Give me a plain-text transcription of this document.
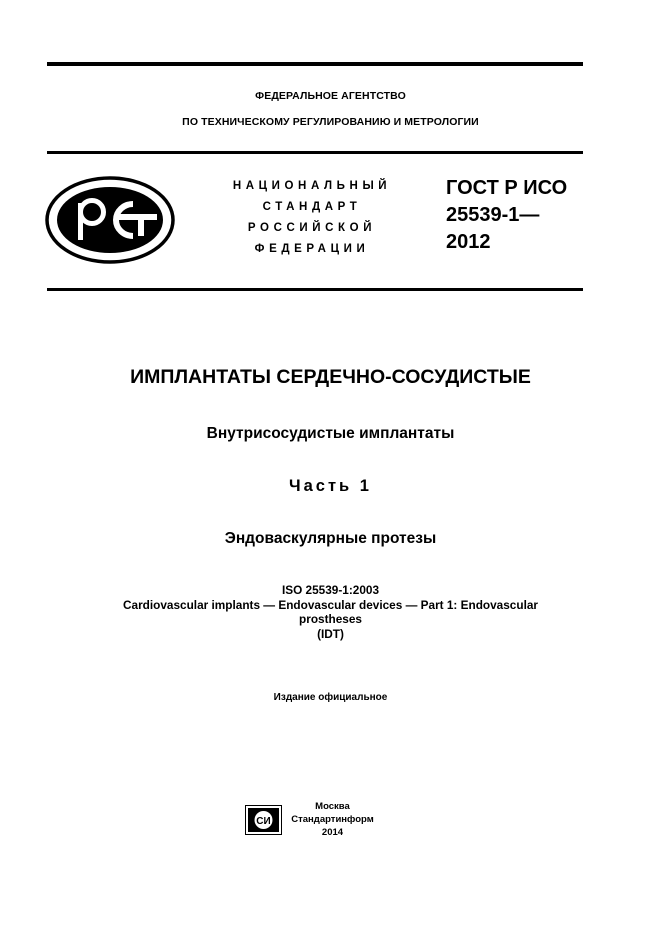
ФЕДЕРАЛЬНОЕ АГЕНТСТВО
ПО ТЕХНИЧЕСКОМУ РЕГУЛИРОВАНИЮ И МЕТРОЛОГИИ
НАЦИОНАЛЬНЫЙ
СТАНДАРТ
РОССИЙСКОЙ
ФЕДЕРАЦИИ
ГОСТ Р ИСО
25539-1—
2012
ИМПЛАНТАТЫ СЕРДЕЧНО-СОСУДИСТЫЕ
Внутрисосудистые имплантаты
Часть 1
Эндоваскулярные протезы
ISO 25539-1:2003
Cardiovascular implants — Endovascular devices — Part 1: Endovascular
prostheses
(IDT)
Издание официальное
СИ
Москва
Стандартинформ
2014
